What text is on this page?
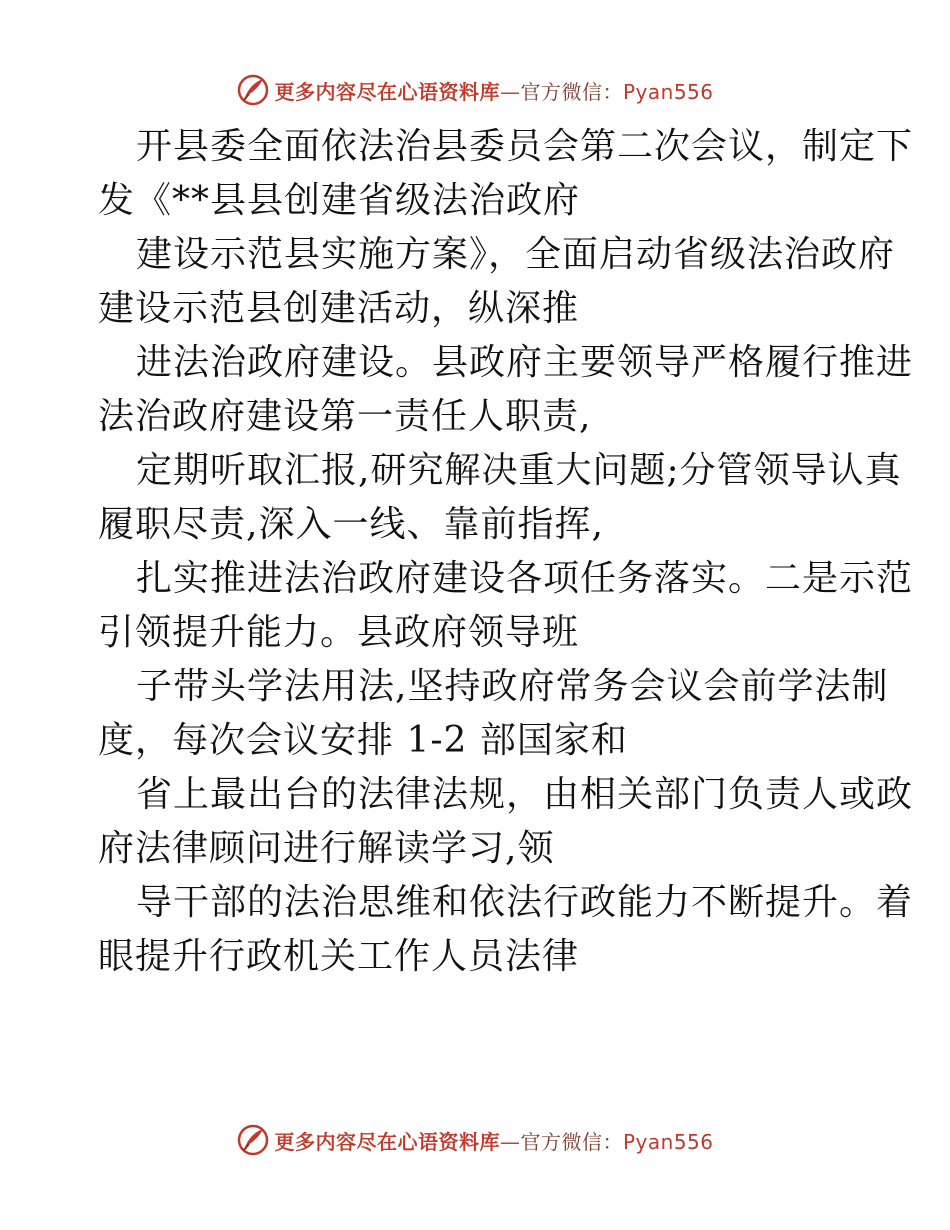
更多内容尽在心语资料库—官方微信：Pyan556

开县委全面依法治县委员会第二次会议，制定下
发《**县县创建省级法治政府

建设示范县实施方案》，全面启动省级法治政府
建设示范县创建活动，纵深推

进法治政府建设。县政府主要领导严格履行推进
法治政府建设第一责任人职责,

定期听取汇报,研究解决重大问题;分管领导认真
履职尽责,深入一线、靠前指挥,

扎实推进法治政府建设各项任务落实。二是示范
引领提升能力。县政府领导班

子带头学法用法,坚持政府常务会议会前学法制
度，每次会议安排 1-2 部国家和

省上最出台的法律法规，由相关部门负责人或政
府法律顾问进行解读学习,领

导干部的法治思维和依法行政能力不断提升。着
眼提升行政机关工作人员法律

更多内容尽在心语资料库—官方微信：Pyan556
